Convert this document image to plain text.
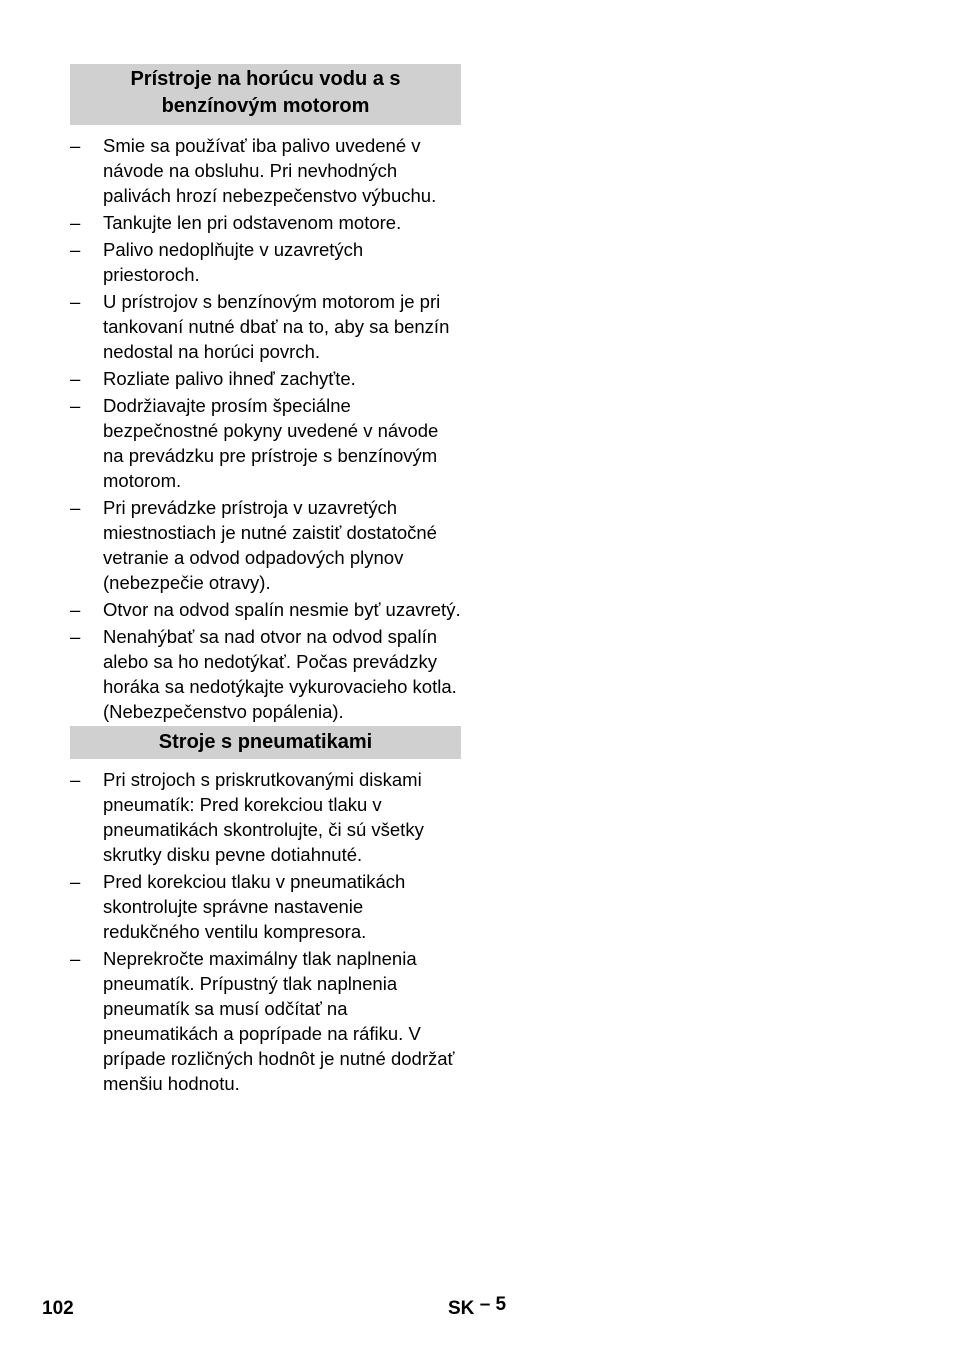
Prístroje na horúcu vodu a s benzínovým motorom
– Smie sa používať iba palivo uvedené v návode na obsluhu. Pri nevhodných palivách hrozí nebezpečenstvo výbuchu.
– Tankujte len pri odstavenom motore.
– Palivo nedoplňujte v uzavretých priestoroch.
– U prístrojov s benzínovým motorom je pri tankovaní nutné dbať na to, aby sa benzín nedostal na horúci povrch.
– Rozliate palivo ihneď zachyťte.
– Dodržiavajte prosím špeciálne bezpečnostné pokyny uvedené v návode na prevádzku pre prístroje s benzínovým motorom.
– Pri prevádzke prístroja v uzavretých miestnostiach je nutné zaistiť dostatočné vetranie a odvod odpadových plynov (nebezpečie otravy).
– Otvor na odvod spalín nesmie byť uzavretý.
– Nenahýbať sa nad otvor na odvod spalín alebo sa ho nedotýkať. Počas prevádzky horáka sa nedotýkajte vykurovacieho kotla. (Nebezpečenstvo popálenia).
Stroje s pneumatikami
– Pri strojoch s priskrutkovanými diskami pneumatík: Pred korekciou tlaku v pneumatikách skontrolujte, či sú všetky skrutky disku pevne dotiahnuté.
– Pred korekciou tlaku v pneumatikách skontrolujte správne nastavenie redukčného ventilu kompresora.
– Neprekročte maximálny tlak naplnenia pneumatík. Prípustný tlak naplnenia pneumatík sa musí odčítať na pneumatikách a poprípade na ráfiku. V prípade rozličných hodnôt je nutné dodržať menšiu hodnotu.
102	SK – 5
